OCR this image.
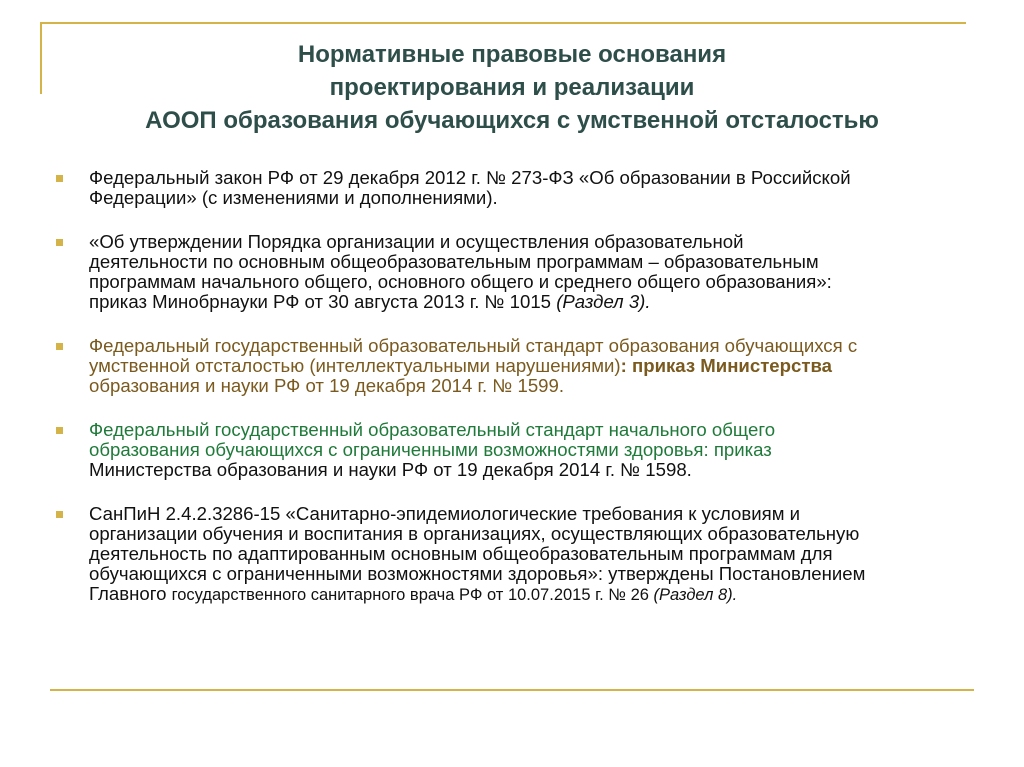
Нормативные правовые основания
проектирования и реализации
АООП образования обучающихся с умственной отсталостью
Федеральный закон РФ от 29 декабря 2012 г. № 273-ФЗ «Об образовании в Российской
Федерации» (с изменениями и дополнениями).
«Об утверждении Порядка организации и осуществления образовательной
деятельности по основным общеобразовательным программам – образовательным
программам начального общего, основного общего и среднего общего образования»:
приказ Минобрнауки РФ от 30 августа 2013 г. № 1015 (Раздел 3).
Федеральный государственный образовательный стандарт образования обучающихся с
умственной отсталостью (интеллектуальными нарушениями): приказ Министерства
образования и науки РФ от 19 декабря 2014 г. № 1599.
Федеральный государственный образовательный стандарт начального общего
образования обучающихся с ограниченными возможностями здоровья: приказ
Министерства образования и науки РФ от 19 декабря 2014 г. № 1598.
СанПиН 2.4.2.3286-15 «Санитарно-эпидемиологические требования к условиям и
организации обучения и воспитания в организациях, осуществляющих образовательную
деятельность по адаптированным основным общеобразовательным программам для
обучающихся с ограниченными возможностями здоровья»: утверждены Постановлением
Главного государственного санитарного врача РФ от 10.07.2015 г. № 26 (Раздел 8).
